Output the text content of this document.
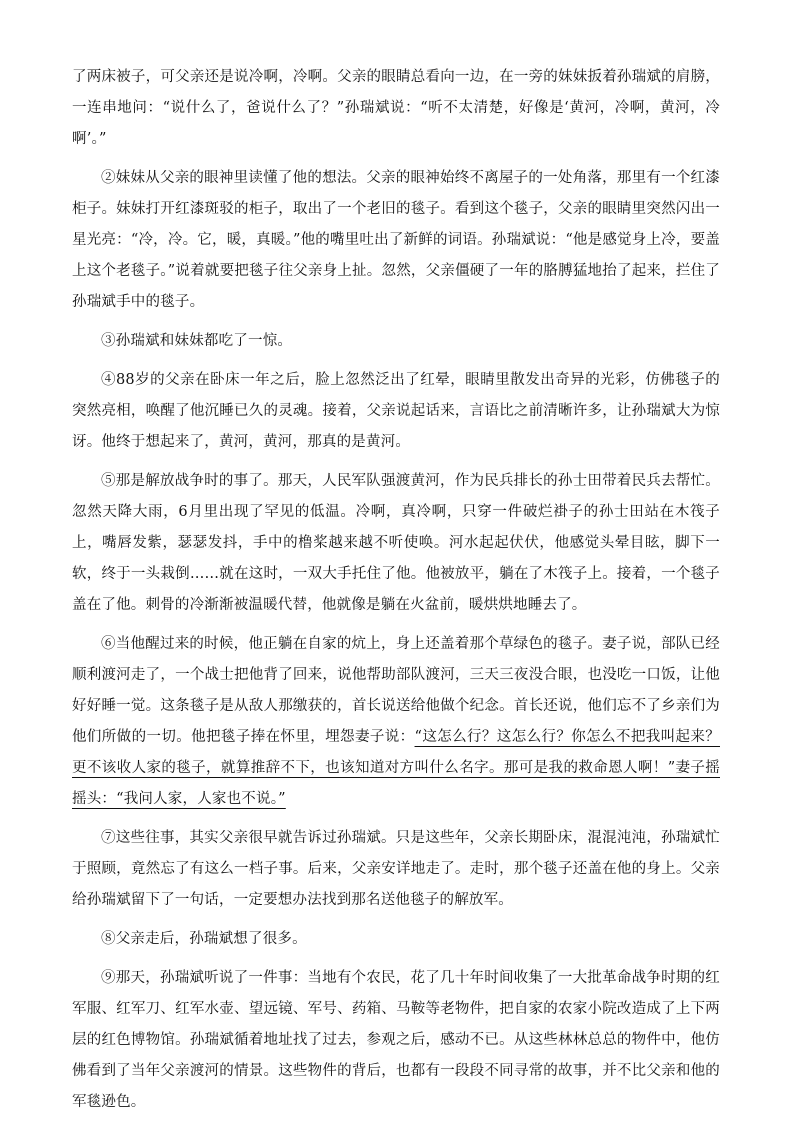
了两床被子，可父亲还是说冷啊，冷啊。父亲的眼睛总看向一边，在一旁的妹妹扳着孙瑞斌的肩膀，一连串地问：“说什么了，爸说什么了？”孙瑞斌说：“听不太清楚，好像是‘黄河，冷啊，黄河，冷啊’。”

②妹妹从父亲的眼神里读懂了他的想法。父亲的眼神始终不离屋子的一处角落，那里有一个红漆柜子。妹妹打开红漆斑驳的柜子，取出了一个老旧的毯子。看到这个毯子，父亲的眼睛里突然闪出一星光亮：“冷，冷。它，暖，真暖。”他的嘴里吐出了新鲜的词语。孙瑞斌说：“他是感觉身上冷，要盖上这个老毯子。”说着就要把毯子往父亲身上扯。忽然，父亲僵硬了一年的胳膊猛地抬了起来，拦住了孙瑞斌手中的毯子。

③孙瑞斌和妹妹都吃了一惊。

④88岁的父亲在卧床一年之后，脸上忽然泛出了红晕，眼睛里散发出奇异的光彩，仿佛毯子的突然亮相，唤醒了他沉睡已久的灵魂。接着，父亲说起话来，言语比之前清晰许多，让孙瑞斌大为惊讶。他终于想起来了，黄河，黄河，那真的是黄河。

⑤那是解放战争时的事了。那天，人民军队强渡黄河，作为民兵排长的孙士田带着民兵去帮忙。忽然天降大雨，6月里出现了罕见的低温。冷啊，真冷啊，只穿一件破烂褂子的孙士田站在木筏子上，嘴唇发紫，瑟瑟发抖，手中的橹桨越来越不听使唤。河水起起伏伏，他感觉头晕目眩，脚下一软，终于一头栽倒……就在这时，一双大手托住了他。他被放平，躺在了木筏子上。接着，一个毯子盖在了他。刺骨的冷渐渐被温暖代替，他就像是躺在火盆前，暖烘烘地睡去了。

⑥当他醒过来的时候，他正躺在自家的炕上，身上还盖着那个草绿色的毯子。妻子说，部队已经顺利渡河走了，一个战士把他背了回来，说他帮助部队渡河，三天三夜没合眼，也没吃一口饭，让他好好睡一觉。这条毯子是从敌人那缴获的，首长说送给他做个纪念。首长还说，他们忘不了乡亲们为他们所做的一切。他把毯子捧在怀里，埋怨妻子说：“这怎么行？这怎么行？你怎么不把我叫起来？更不该收人家的毯子，就算推辞不下，也该知道对方叫什么名字。那可是我的救命恩人啊！”妻子摇摇头：“我问人家，人家也不说。”

⑦这些往事，其实父亲很早就告诉过孙瑞斌。只是这些年，父亲长期卧床，混混沌沌，孙瑞斌忙于照顾，竟然忘了有这么一档子事。后来，父亲安详地走了。走时，那个毯子还盖在他的身上。父亲给孙瑞斌留下了一句话，一定要想办法找到那名送他毯子的解放军。

⑧父亲走后，孙瑞斌想了很多。

⑨那天，孙瑞斌听说了一件事：当地有个农民，花了几十年时间收集了一大批革命战争时期的红军服、红军刀、红军水壶、望远镜、军号、药箱、马鞍等老物件，把自家的农家小院改造成了上下两层的红色博物馆。孙瑞斌循着地址找了过去，参观之后，感动不已。从这些林林总总的物件中，他仿佛看到了当年父亲渡河的情景。这些物件的背后，也都有一段段不同寻常的故事，并不比父亲和他的军毯逊色。
